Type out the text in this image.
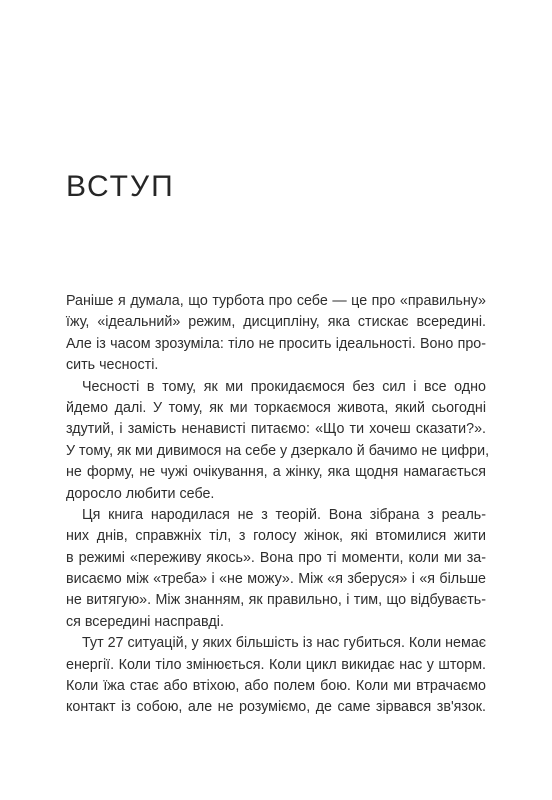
ВСТУП
Раніше я думала, що турбота про себе — це про «правильну»
їжу, «ідеальний» режим, дисципліну, яка стискає всередині.
Але із часом зрозуміла: тіло не просить ідеальності. Воно про-
сить чесності.
Чесності в тому, як ми прокидаємося без сил і все одно
йдемо далі. У тому, як ми торкаємося живота, який сьогодні
здутий, і замість ненависті питаємо: «Що ти хочеш сказати?».
У тому, як ми дивимося на себе у дзеркало й бачимо не цифри,
не форму, не чужі очікування, а жінку, яка щодня намагається
доросло любити себе.
Ця книга народилася не з теорій. Вона зібрана з реаль-
них днів, справжніх тіл, з голосу жінок, які втомилися жити
в режимі «переживу якось». Вона про ті моменти, коли ми за-
висаємо між «треба» і «не можу». Між «я зберуся» і «я більше
не витягую». Між знанням, як правильно, і тим, що відбуваєть-
ся всередині насправді.
Тут 27 ситуацій, у яких більшість із нас губиться. Коли немає
енергії. Коли тіло змінюється. Коли цикл викидає нас у шторм.
Коли їжа стає або втіхою, або полем бою. Коли ми втрачаємо
контакт із собою, але не розуміємо, де саме зірвався зв'язок.
